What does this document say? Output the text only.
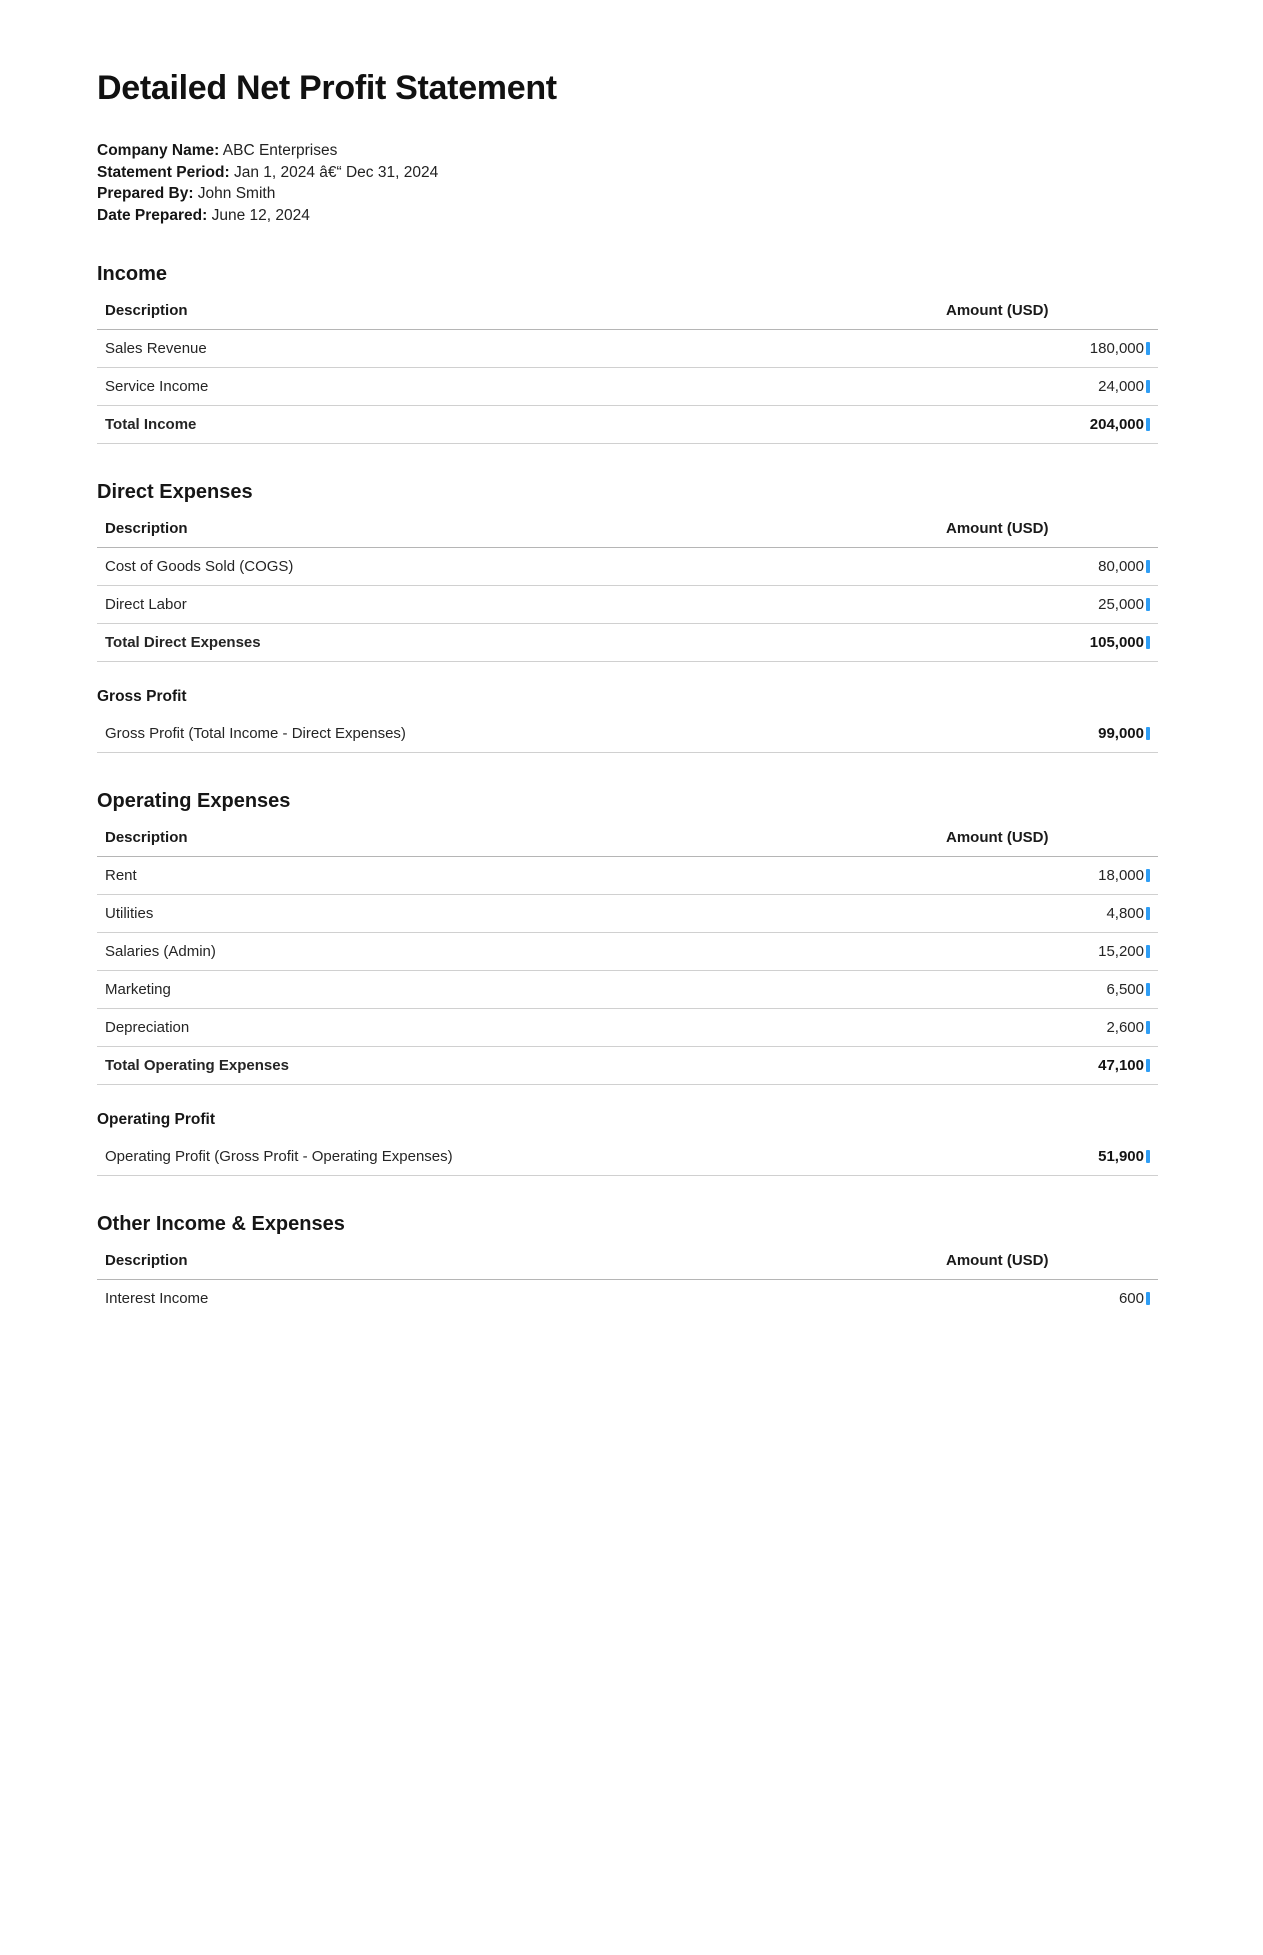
Detailed Net Profit Statement

Company Name: ABC Enterprises

Statement Period: Jan 1, 2024 â€“ Dec 31, 2024

Prepared By: John Smith

Date Prepared: June 12, 2024

Income
Description	Amount (USD)
Sales Revenue	180,000
Service Income	24,000
Total Income	204,000
Direct Expenses
Description	Amount (USD)
Cost of Goods Sold (COGS)	80,000
Direct Labor	25,000
Total Direct Expenses	105,000
Gross Profit
Gross Profit (Total Income - Direct Expenses)	99,000
Operating Expenses
Description	Amount (USD)
Rent	18,000
Utilities	4,800
Salaries (Admin)	15,200
Marketing	6,500
Depreciation	2,600
Total Operating Expenses	47,100
Operating Profit
Operating Profit (Gross Profit - Operating Expenses)	51,900
Other Income & Expenses
Description	Amount (USD)
Interest Income	600
